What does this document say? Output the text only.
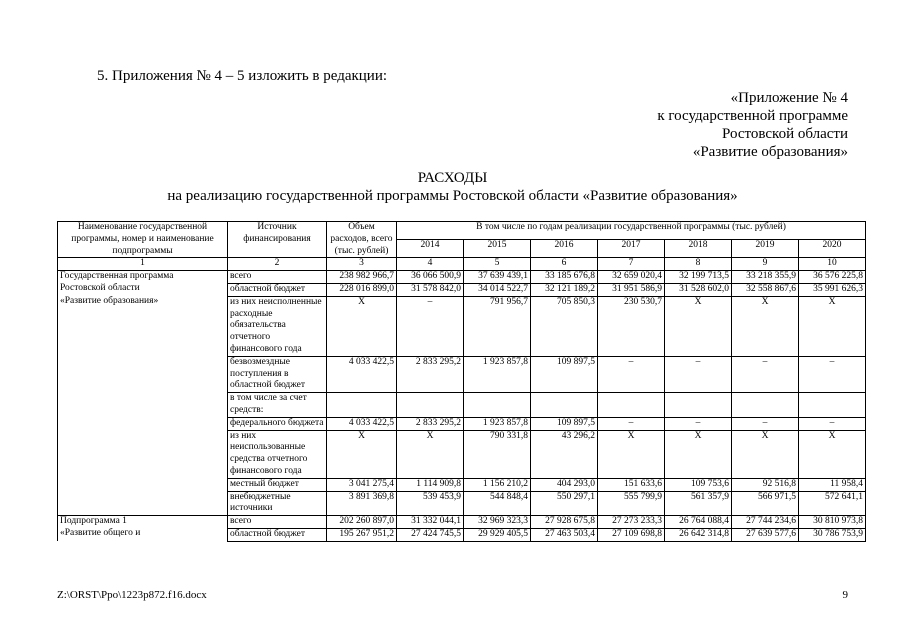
5. Приложения № 4 – 5 изложить в редакции:
«Приложение № 4
к государственной программе
Ростовской области
«Развитие образования»
РАСХОДЫ
на реализацию государственной программы Ростовской области «Развитие образования»
Наименование государственной программы, номер и наименование подпрограммы	Источник финансирования	Объем расходов, всего (тыс. рублей)	В том числе по годам реализации государственной программы (тыс. рублей)						
			2014	2015	2016	2017	2018	2019	2020
1	2	3	4	5	6	7	8	9	10
Государственная программа	всего	238 982 966,7	36 066 500,9	37 639 439,1	33 185 676,8	32 659 020,4	32 199 713,5	33 218 355,9	36 576 225,8
Ростовской области	областной бюджет	228 016 899,0	31 578 842,0	34 014 522,7	32 121 189,2	31 951 586,9	31 528 602,0	32 558 867,6	35 991 626,3
«Развитие образования»	из них неисполненные расходные обязательства отчетного финансового года	X	–	791 956,7	705 850,3	230 530,7	X	X	X
	безвозмездные поступления в областной бюджет	4 033 422,5	2 833 295,2	1 923 857,8	109 897,5	–	–	–	–
	в том числе за счет средств:								
	федерального бюджета	4 033 422,5	2 833 295,2	1 923 857,8	109 897,5	–	–	–	–
	из них неиспользованные средства отчетного финансового года	X	X	790 331,8	43 296,2	X	X	X	X
	местный бюджет	3 041 275,4	1 114 909,8	1 156 210,2	404 293,0	151 633,6	109 753,6	92 516,8	11 958,4
	внебюджетные источники	3 891 369,8	539 453,9	544 848,4	550 297,1	555 799,9	561 357,9	566 971,5	572 641,1
Подпрограмма 1	всего	202 260 897,0	31 332 044,1	32 969 323,3	27 928 675,8	27 273 233,3	26 764 088,4	27 744 234,6	30 810 973,8
«Развитие общего и	областной бюджет	195 267 951,2	27 424 745,5	29 929 405,5	27 463 503,4	27 109 698,8	26 642 314,8	27 639 577,6	30 786 753,9
Z:\ORST\Ppo\1223p872.f16.docx	9
